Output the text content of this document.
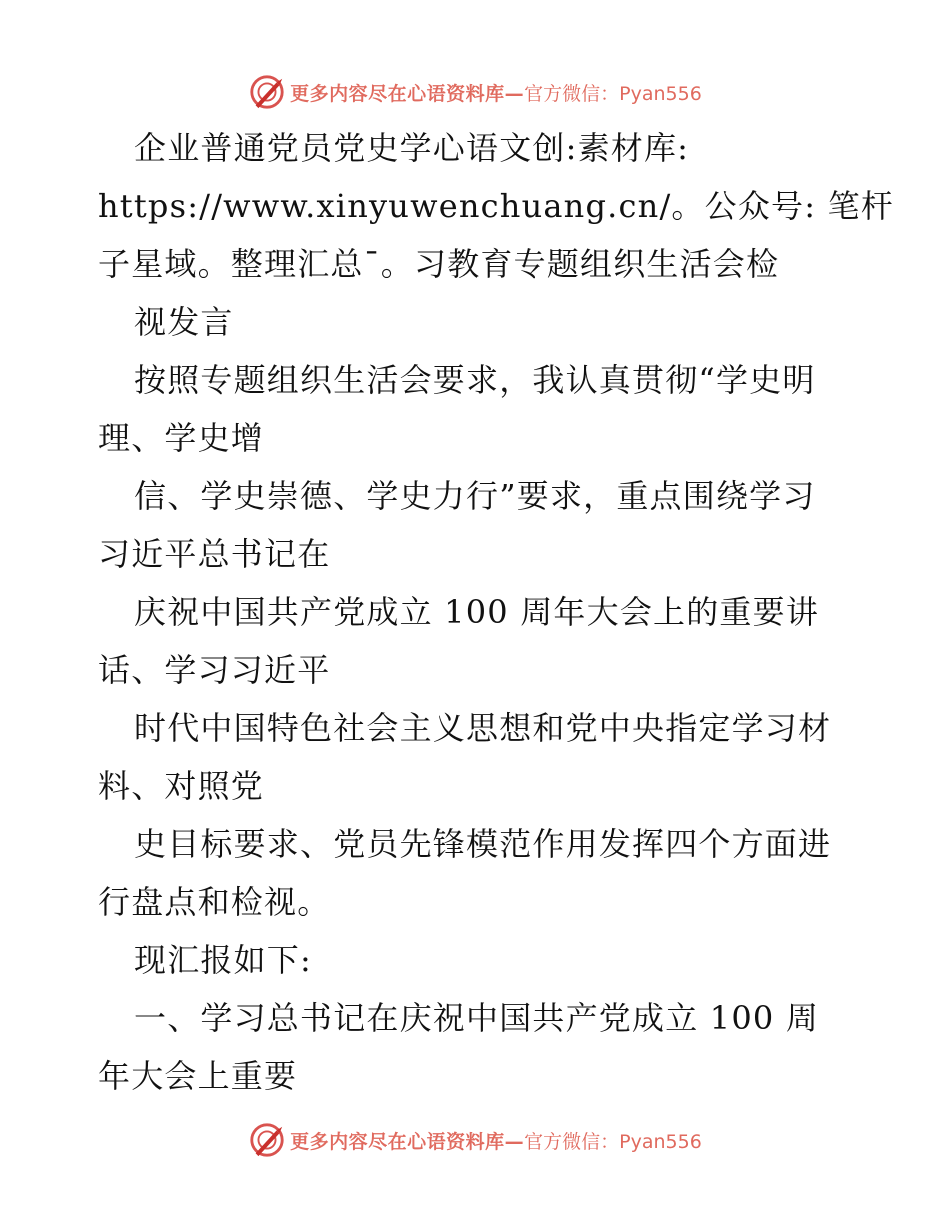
更多内容尽在心语资料库— 官方微信：Pyan556
企业普通党员党史学心语文创:素材库:
https://www.xinyuwenchuang.cn/。公众号: 笔杆
子星域。整理汇总¯。习教育专题组织生活会检
视发言
按照专题组织生活会要求，我认真贯彻“学史明
理、学史增
信、学史崇德、学史力行”要求，重点围绕学习
习近平总书记在
庆祝中国共产党成立 100 周年大会上的重要讲
话、学习习近平
时代中国特色社会主义思想和党中央指定学习材
料、对照党
史目标要求、党员先锋模范作用发挥四个方面进
行盘点和检视。
现汇报如下:
一、学习总书记在庆祝中国共产党成立 100 周
年大会上重要
更多内容尽在心语资料库— 官方微信：Pyan556
